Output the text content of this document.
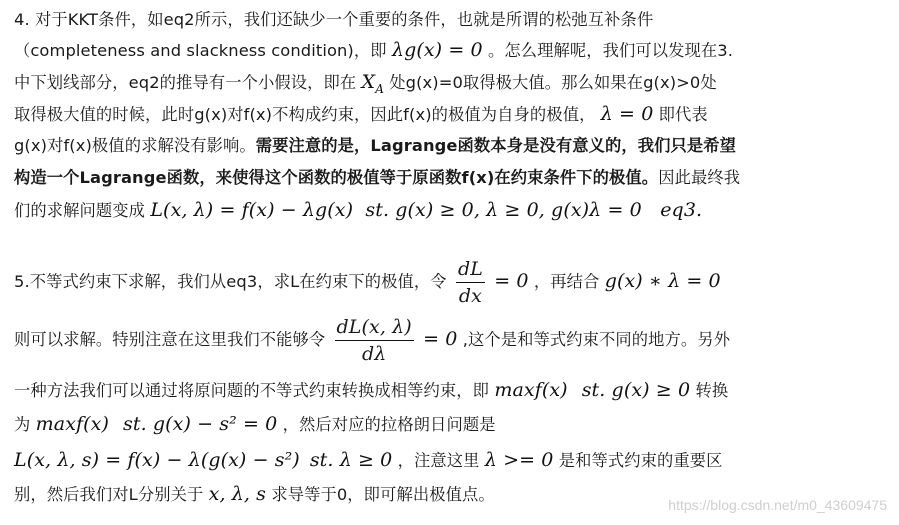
4. 对于KKT条件，如eq2所示，我们还缺少一个重要的条件，也就是所谓的松弛互补条件
（completeness and slackness condition)，即 λg(x) = 0 。怎么理解呢，我们可以发现在3.
中下划线部分，eq2的推导有一个小假设，即在 $X_A$ 处g(x)=0取得极大值。那么如果在g(x)>0处
取得极大值的时候，此时g(x)对f(x)不构成约束，因此f(x)的极值为自身的极值， λ = 0 即代表
g(x)对f(x)极值的求解没有影响。需要注意的是，Lagrange函数本身是没有意义的，我们只是希望
构造一个Lagrange函数，来使得这个函数的极值等于原函数f(x)在约束条件下的极值。因此最终我
们的求解问题变成 L(x, λ) = f(x) − λg(x)  st. g(x) ≥ 0, λ ≥ 0, g(x)λ = 0   eq3.
5.不等式约束下求解，我们从eq3，求L在约束下的极值，令 $\frac{dL}{dx} = 0$ ，再结合 g(x) ∗ λ = 0
则可以求解。特别注意在这里我们不能够令 $\frac{dL(x, \lambda)}{d\lambda} = 0$ ,这个是和等式约束不同的地方。另外
一种方法我们可以通过将原问题的不等式约束转换成相等约束，即 maxf(x) st. g(x) ≥ 0 转换
为 maxf(x) st. g(x) − s² = 0 ，然后对应的拉格朗日问题是
L(x, λ, s) = f(x) − λ(g(x) − s²) st. λ ≥ 0 ，注意这里 λ >= 0 是和等式约束的重要区
别，然后我们对L分别关于 x, λ, s 求导等于0，即可解出极值点。
https://blog.csdn.net/m0_43609475
